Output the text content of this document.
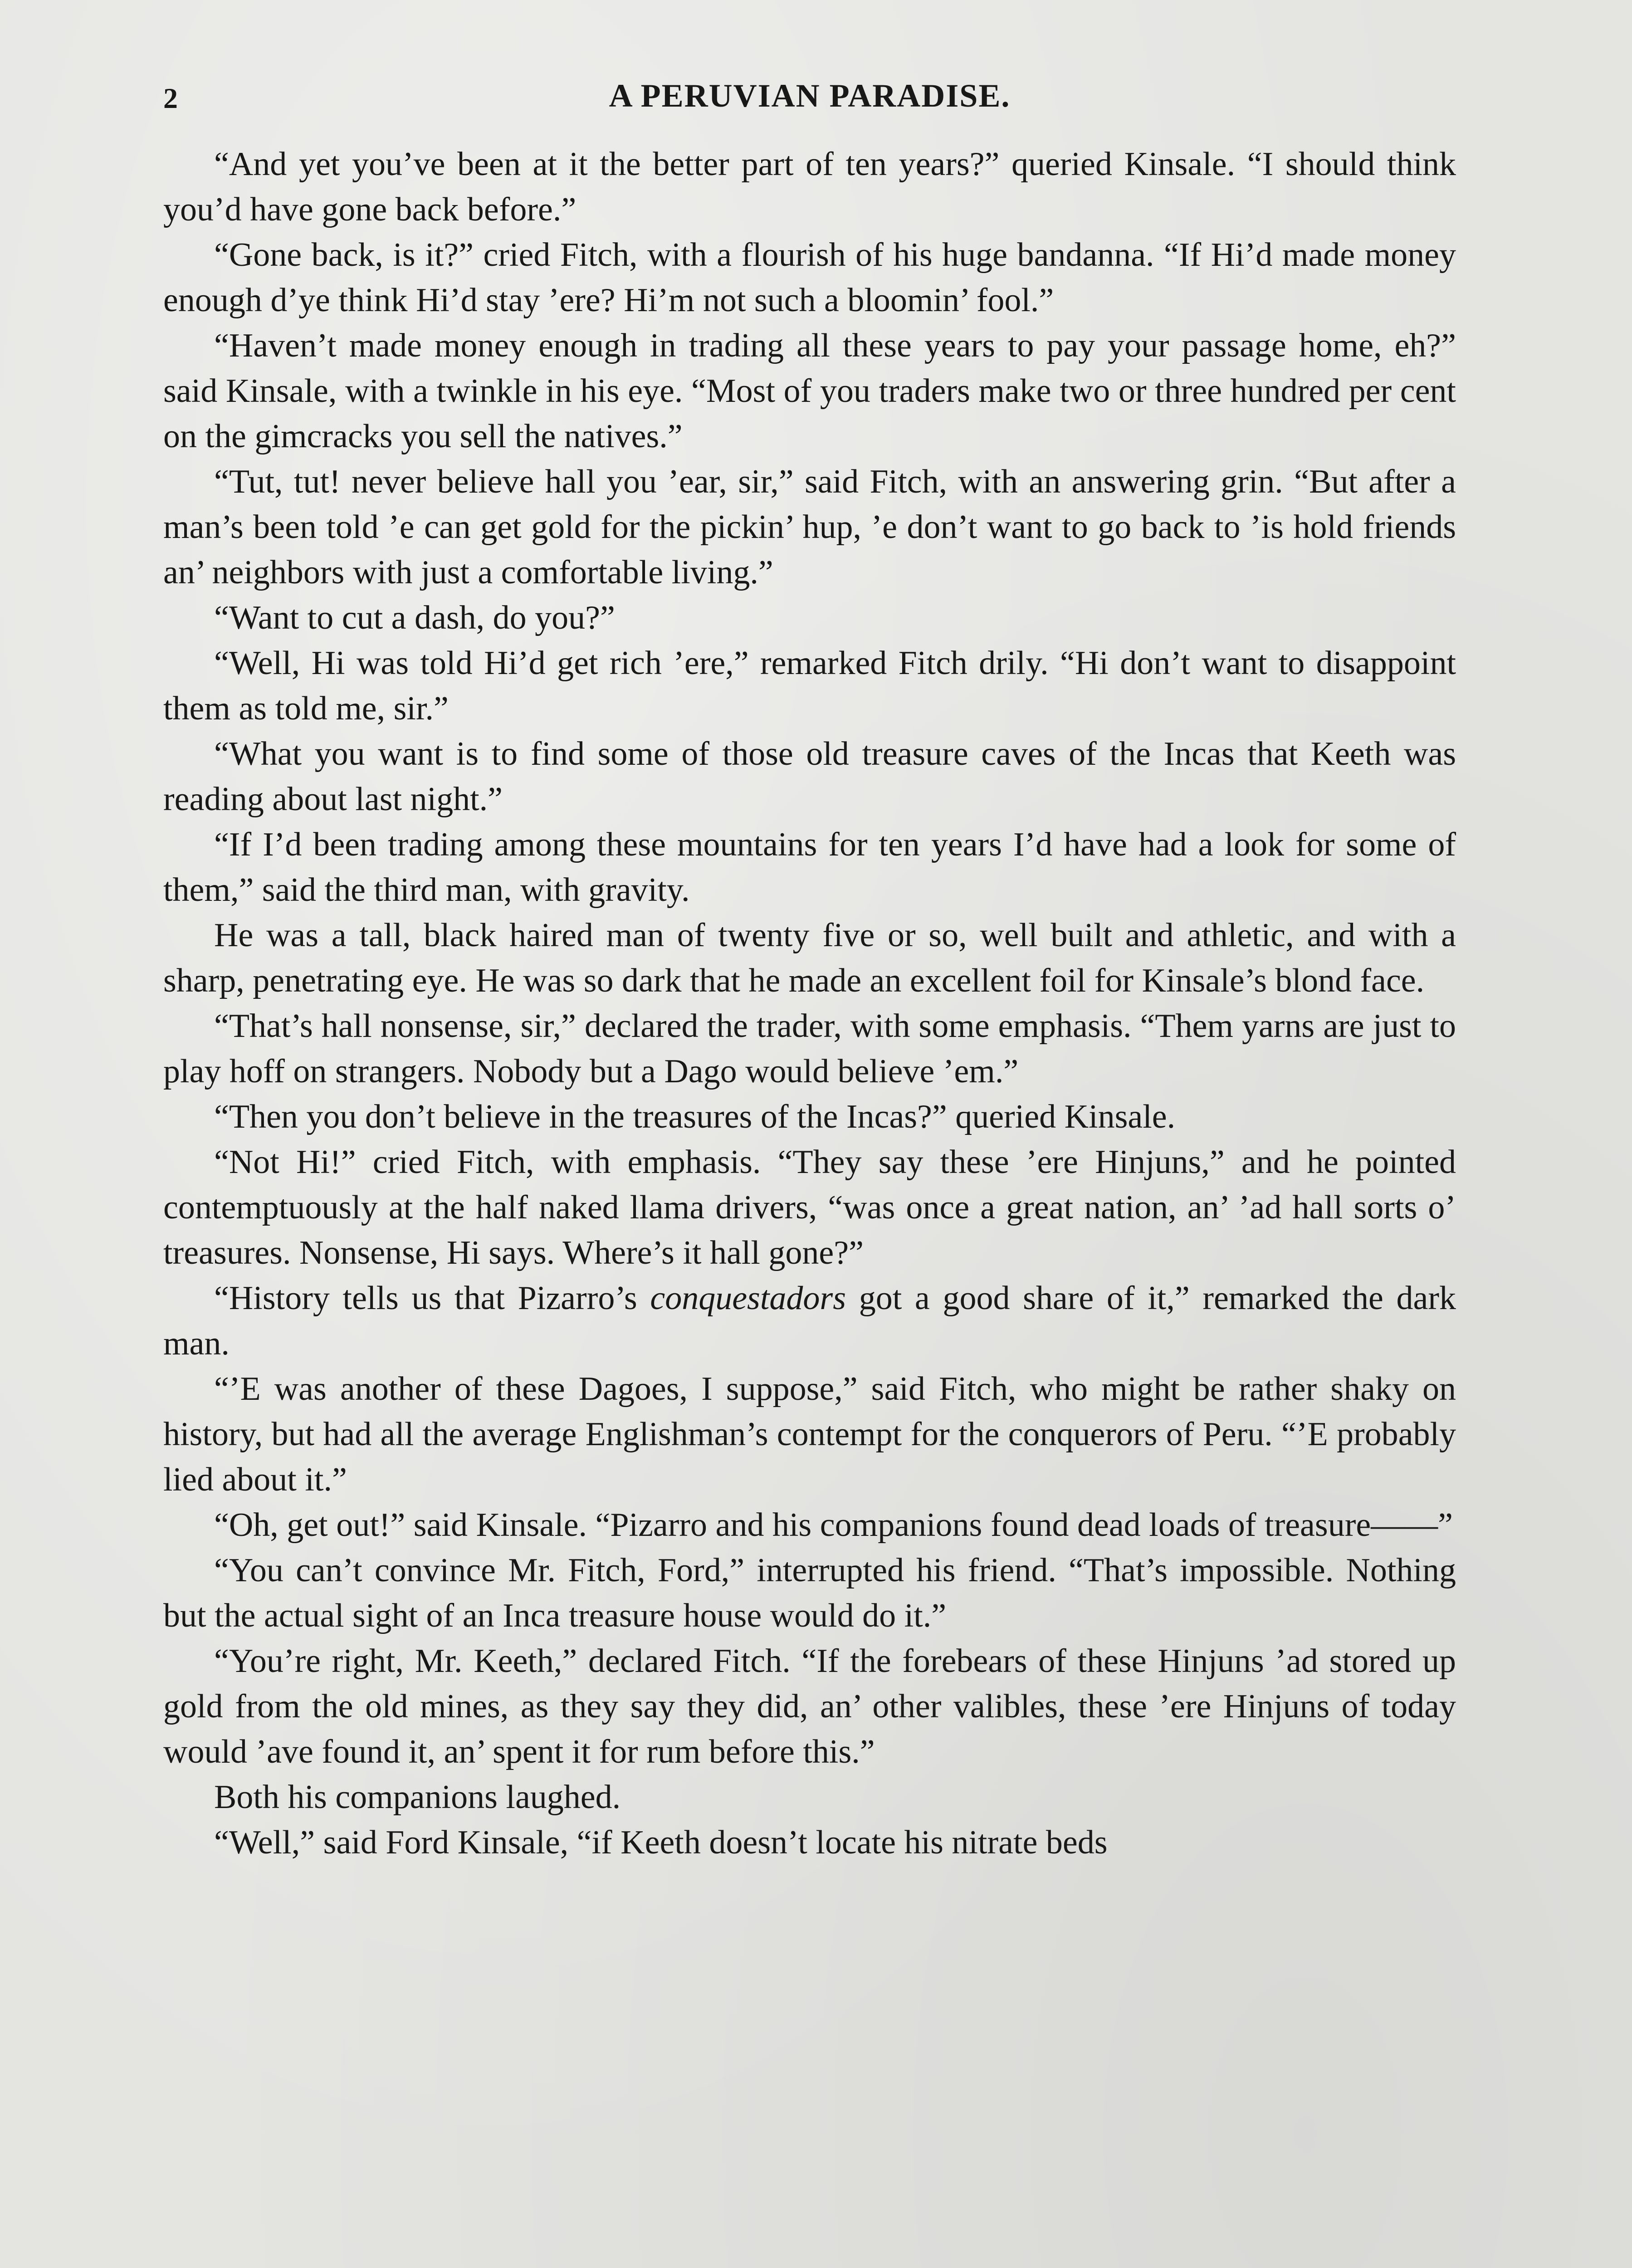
2	A PERUVIAN PARADISE.

“And yet you’ve been at it the better part of ten years?” queried Kinsale. “I should think you’d have gone back before.”

“Gone back, is it?” cried Fitch, with a flourish of his huge bandanna. “If Hi’d made money enough d’ye think Hi’d stay ’ere? Hi’m not such a bloomin’ fool.”

“Haven’t made money enough in trading all these years to pay your passage home, eh?” said Kinsale, with a twinkle in his eye. “Most of you traders make two or three hundred per cent on the gimcracks you sell the natives.”

“Tut, tut! never believe hall you ’ear, sir,” said Fitch, with an answering grin. “But after a man’s been told ’e can get gold for the pickin’ hup, ’e don’t want to go back to ’is hold friends an’ neighbors with just a comfortable living.”

“Want to cut a dash, do you?”

“Well, Hi was told Hi’d get rich ’ere,” remarked Fitch drily. “Hi don’t want to disappoint them as told me, sir.”

“What you want is to find some of those old treasure caves of the Incas that Keeth was reading about last night.”

“If I’d been trading among these mountains for ten years I’d have had a look for some of them,” said the third man, with gravity.

He was a tall, black haired man of twenty five or so, well built and athletic, and with a sharp, penetrating eye. He was so dark that he made an excellent foil for Kinsale’s blond face.

“That’s hall nonsense, sir,” declared the trader, with some emphasis. “Them yarns are just to play hoff on strangers. Nobody but a Dago would believe ’em.”

“Then you don’t believe in the treasures of the Incas?” queried Kinsale.

“Not Hi!” cried Fitch, with emphasis. “They say these ’ere Hinjuns,” and he pointed contemptuously at the half naked llama drivers, “was once a great nation, an’ ’ad hall sorts o’ treasures. Nonsense, Hi says. Where’s it hall gone?”

“History tells us that Pizarro’s conquestadors got a good share of it,” remarked the dark man.

“’E was another of these Dagoes, I suppose,” said Fitch, who might be rather shaky on history, but had all the average Englishman’s contempt for the conquerors of Peru. “’E probably lied about it.”

“Oh, get out!” said Kinsale. “Pizarro and his companions found dead loads of treasure——”

“You can’t convince Mr. Fitch, Ford,” interrupted his friend. “That’s impossible. Nothing but the actual sight of an Inca treasure house would do it.”

“You’re right, Mr. Keeth,” declared Fitch. “If the forebears of these Hinjuns ’ad stored up gold from the old mines, as they say they did, an’ other valibles, these ’ere Hinjuns of today would ’ave found it, an’ spent it for rum before this.”

Both his companions laughed.

“Well,” said Ford Kinsale, “if Keeth doesn’t locate his nitrate beds
